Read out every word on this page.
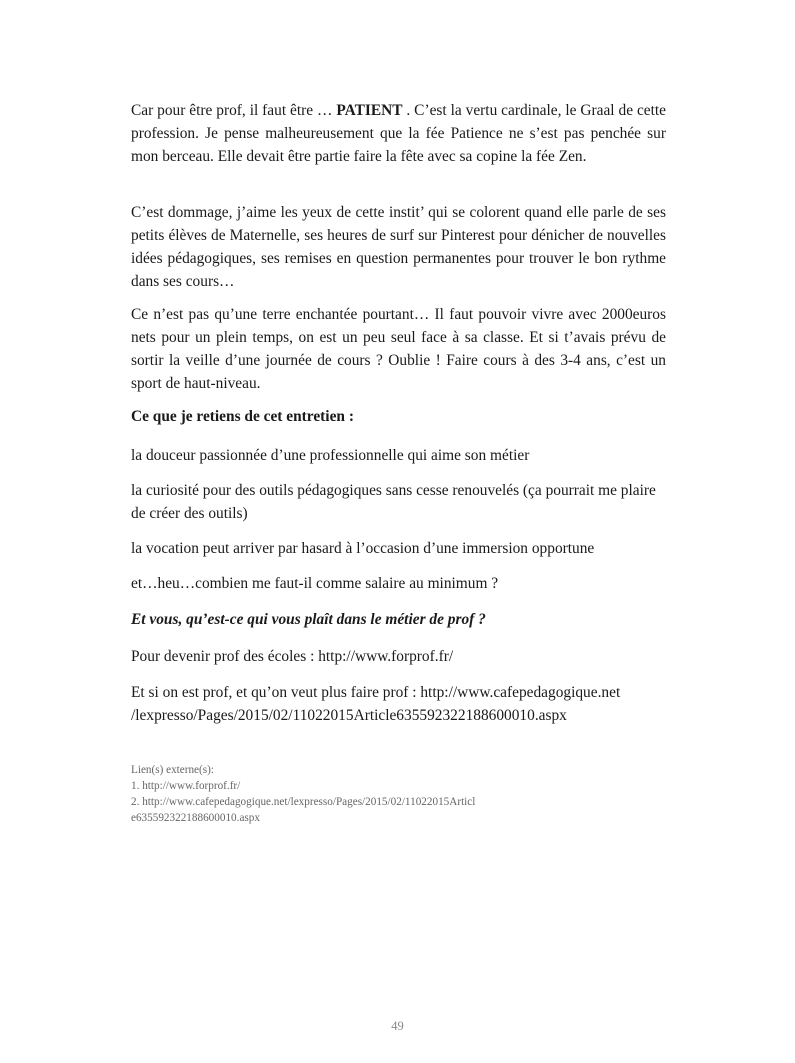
Car pour être prof, il faut être … PATIENT . C’est la vertu cardinale, le Graal de cette profession. Je pense malheureusement que la fée Patience ne s’est pas penchée sur mon berceau. Elle devait être partie faire la fête avec sa copine la fée Zen.

C’est dommage, j’aime les yeux de cette instit’ qui se colorent quand elle parle de ses petits élèves de Maternelle, ses heures de surf sur Pinterest pour dénicher de nouvelles idées pédagogiques, ses remises en question permanentes pour trouver le bon rythme dans ses cours…

Ce n’est pas qu’une terre enchantée pourtant… Il faut pouvoir vivre avec 2000euros nets pour un plein temps, on est un peu seul face à sa classe. Et si t’avais prévu de sortir la veille d’une journée de cours ? Oublie ! Faire cours à des 3-4 ans, c’est un sport de haut-niveau.

Ce que je retiens de cet entretien :

la douceur passionnée d’une professionnelle qui aime son métier

la curiosité pour des outils pédagogiques sans cesse renouvelés (ça pourrait me plaire de créer des outils)

la vocation peut arriver par hasard à l’occasion d’une immersion opportune

et…heu…combien me faut-il comme salaire au minimum ?

Et vous, qu’est-ce qui vous plaît dans le métier de prof ?

Pour devenir prof des écoles : http://www.forprof.fr/

Et si on est prof, et qu’on veut plus faire prof : http://www.cafepedagogique.net
/lexpresso/Pages/2015/02/11022015Article635592322188600010.aspx

Lien(s) externe(s):
1. http://www.forprof.fr/
2. http://www.cafepedagogique.net/lexpresso/Pages/2015/02/11022015Articl
e635592322188600010.aspx
49
